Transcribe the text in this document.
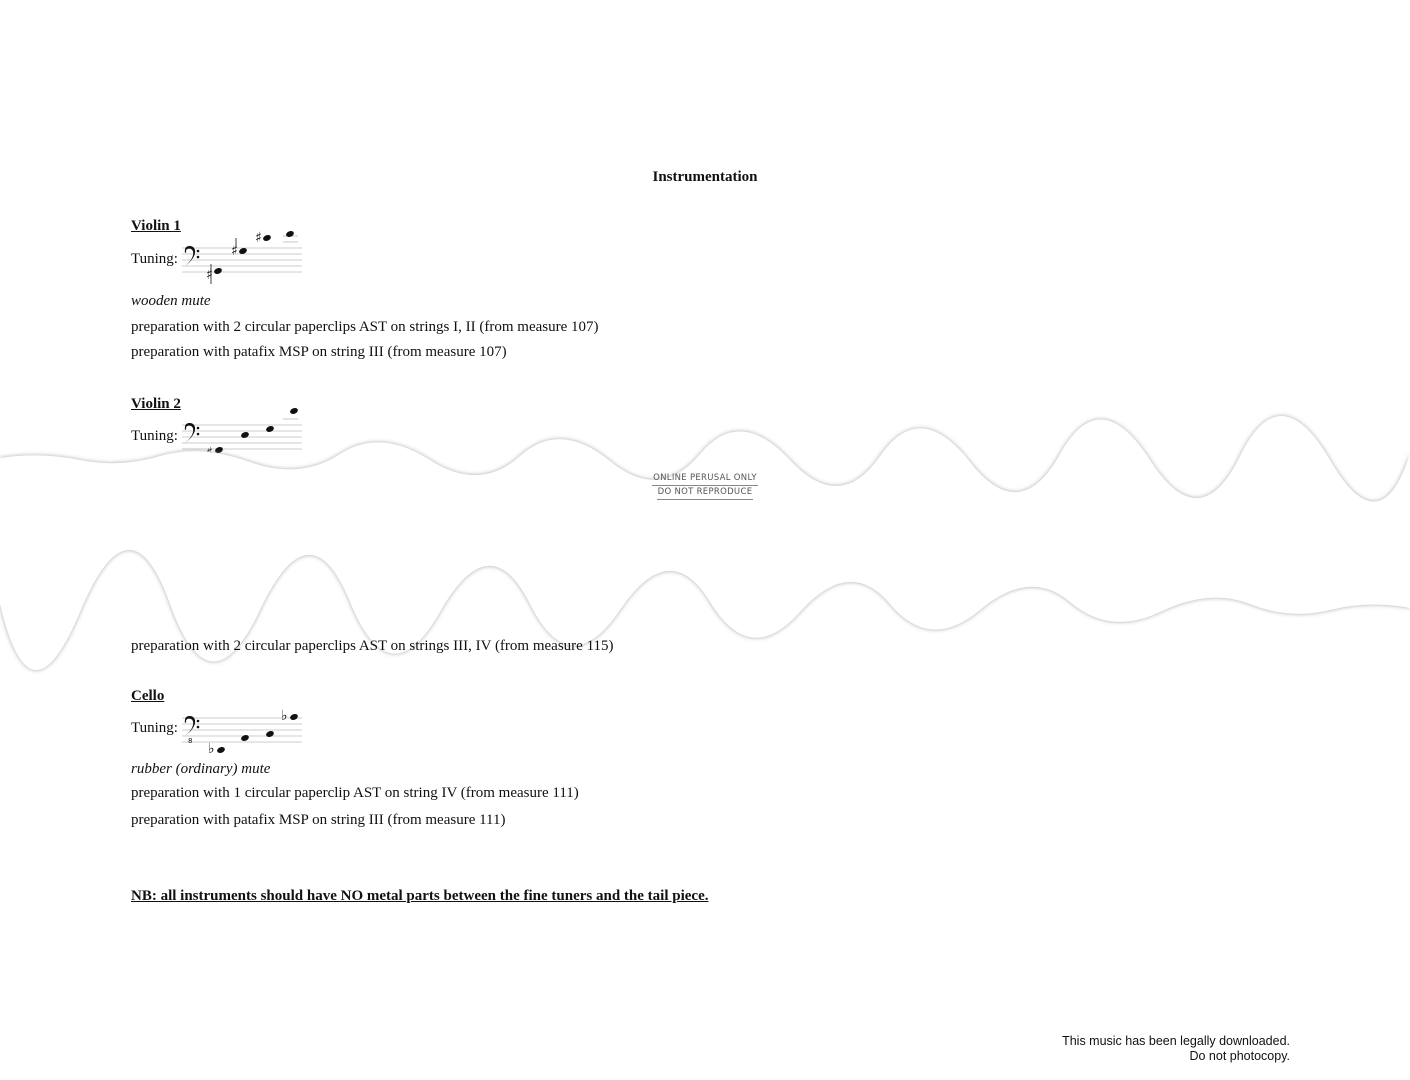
Instrumentation
Violin 1
Tuning:
♯
♯
♯
wooden mute
preparation with 2 circular paperclips AST on strings I, II (from measure 107)
preparation with patafix MSP on string III (from measure 107)
Violin 2
Tuning:
ONLINE PERUSAL ONLY
DO NOT REPRODUCE
preparation with 2 circular paperclips AST on strings III, IV (from measure 115)
Cello
Tuning:
8 ♭
♭
rubber (ordinary) mute
preparation with 1 circular paperclip AST on string IV (from measure 111)
preparation with patafix MSP on string III (from measure 111)
NB: all instruments should have NO metal parts between the fine tuners and the tail piece.
This music has been legally downloaded.
Do not photocopy.
